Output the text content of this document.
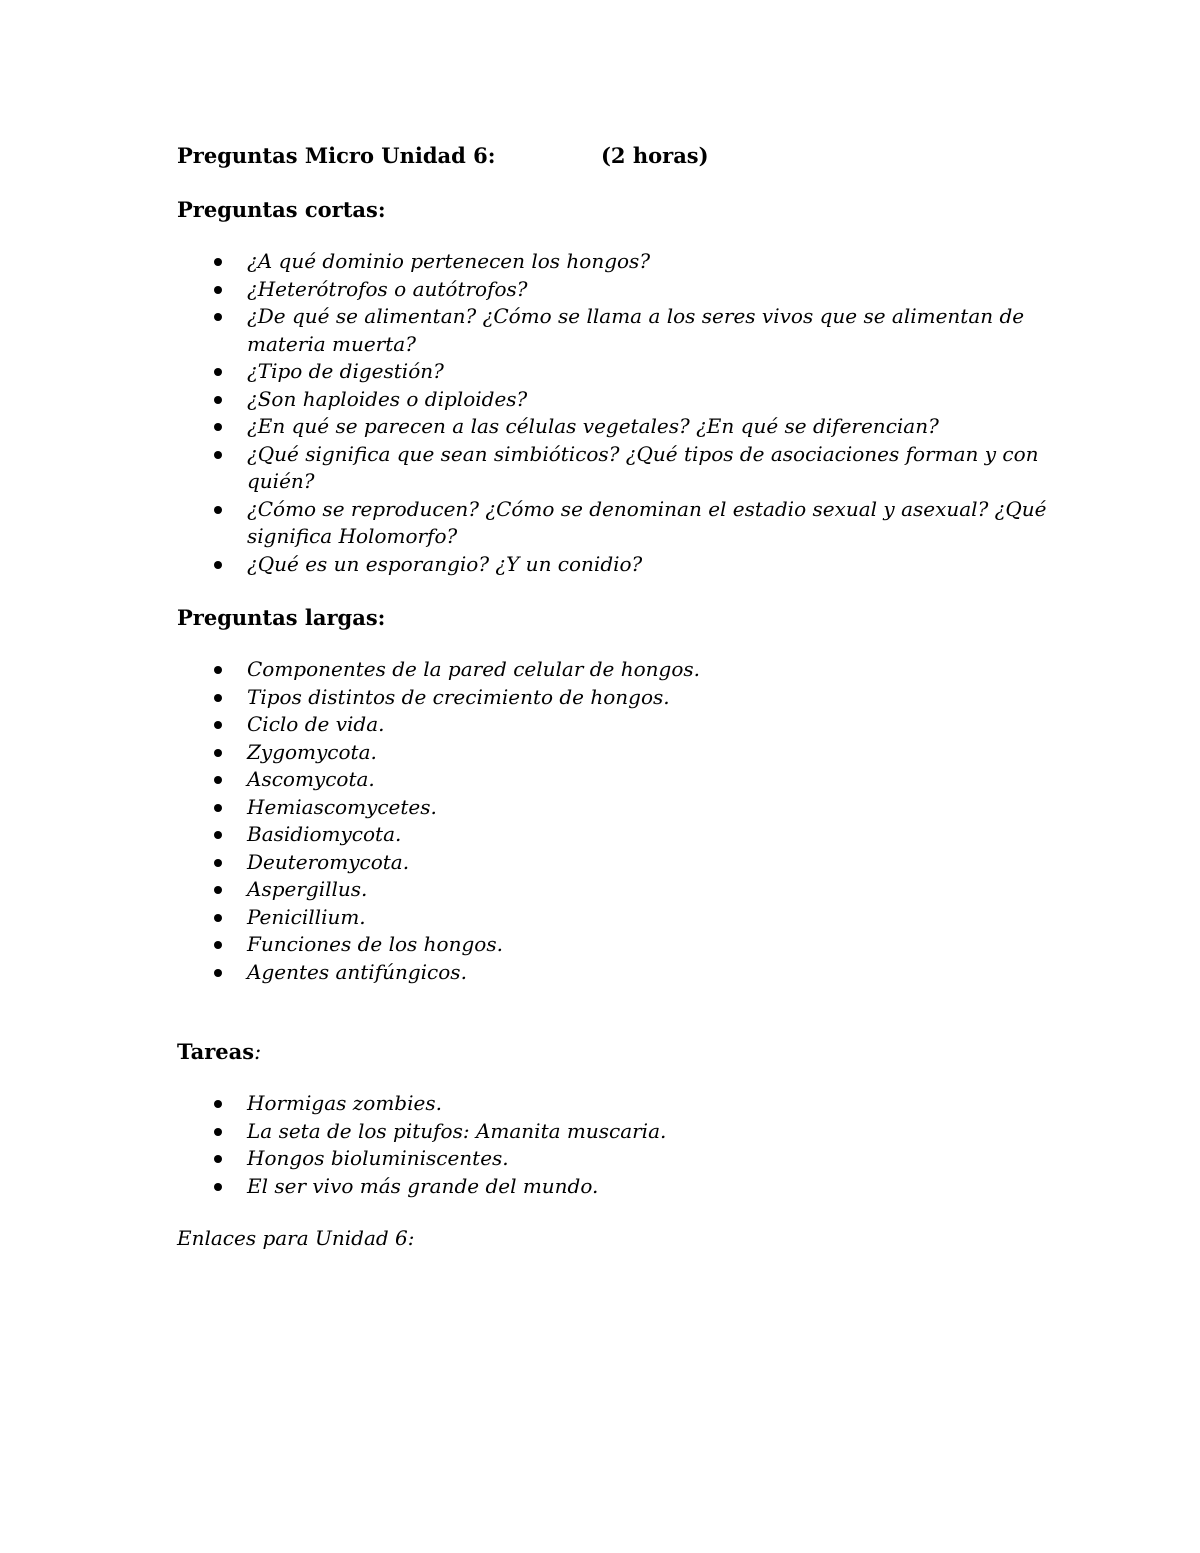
Preguntas Micro Unidad 6:	(2 horas)

Preguntas cortas:

¿A qué dominio pertenecen los hongos?
¿Heterótrofos o autótrofos?
¿De qué se alimentan? ¿Cómo se llama a los seres vivos que se alimentan de materia muerta?
¿Tipo de digestión?
¿Son haploides o diploides?
¿En qué se parecen a las células vegetales? ¿En qué se diferencian?
¿Qué significa que sean simbióticos? ¿Qué tipos de asociaciones forman y con quién?
¿Cómo se reproducen? ¿Cómo se denominan el estadio sexual y asexual? ¿Qué significa Holomorfo?
¿Qué es un esporangio? ¿Y un conidio?

Preguntas largas:

Componentes de la pared celular de hongos.
Tipos distintos de crecimiento de hongos.
Ciclo de vida.
Zygomycota.
Ascomycota.
Hemiascomycetes.
Basidiomycota.
Deuteromycota.
Aspergillus.
Penicillium.
Funciones de los hongos.
Agentes antifúngicos.

Tareas:

Hormigas zombies.
La seta de los pitufos: Amanita muscaria.
Hongos bioluminiscentes.
El ser vivo más grande del mundo.

Enlaces para Unidad 6:
